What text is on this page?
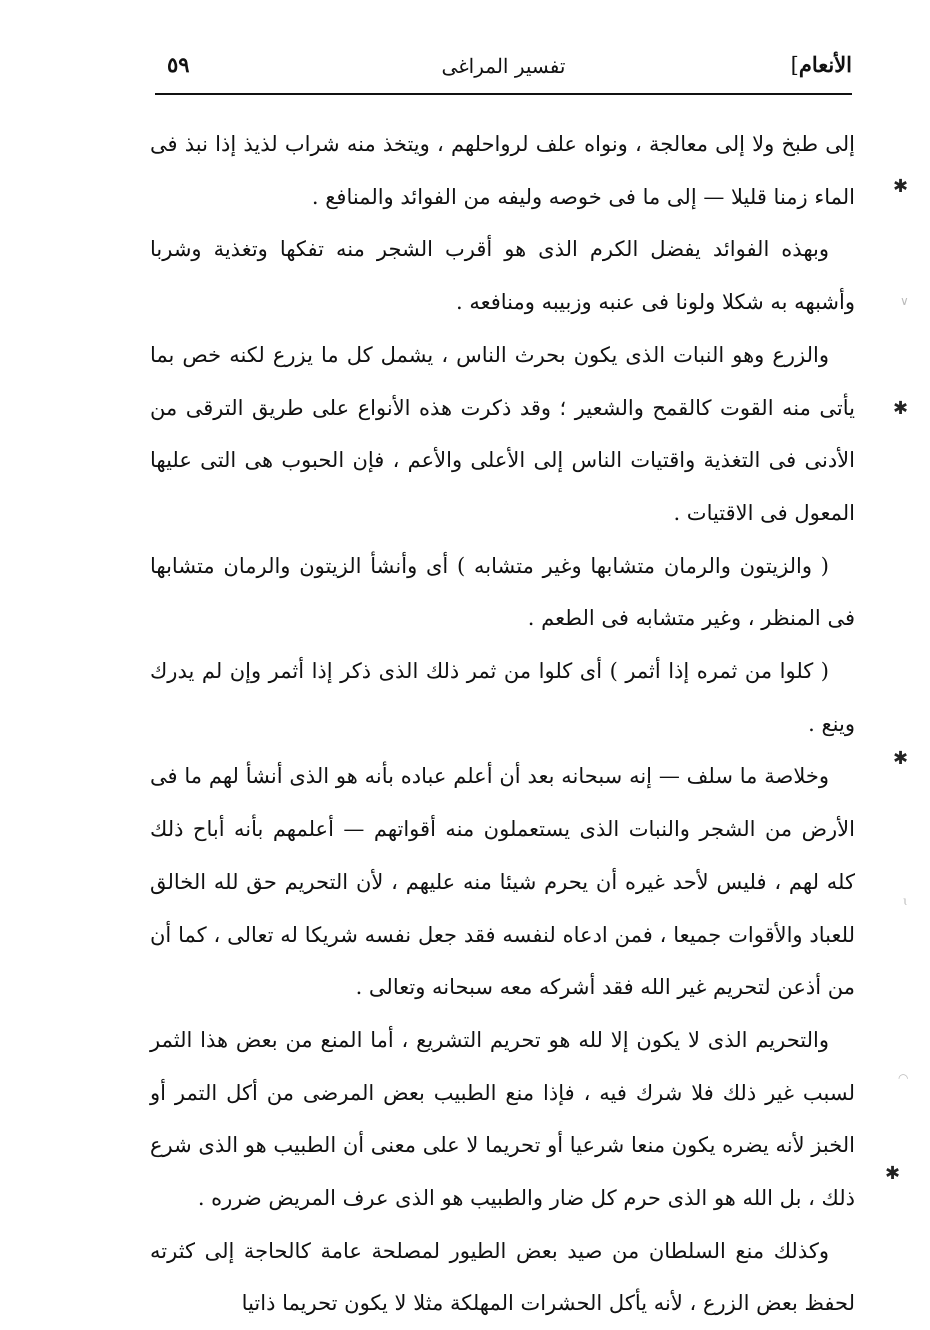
الأنعام]
تفسير المراغى
٥٩

إلى طبخ ولا إلى معالجة ، ونواه علف لرواحلهم ، ويتخذ منه شراب لذيذ إذا نبذ فى الماء زمنا قليلا — إلى ما فى خوصه وليفه من الفوائد والمنافع .

وبهذه الفوائد يفضل الكرم الذى هو أقرب الشجر منه تفكها وتغذية وشربا وأشبهه به شكلا ولونا فى عنبه وزبيبه ومنافعه .

والزرع وهو النبات الذى يكون بحرث الناس ، يشمل كل ما يزرع لكنه خص بما يأتى منه القوت كالقمح والشعير ؛ وقد ذكرت هذه الأنواع على طريق الترقى من الأدنى فى التغذية واقتيات الناس إلى الأعلى والأعم ، فإن الحبوب هى التى عليها المعول فى الاقتيات .

( والزيتون والرمان متشابها وغير متشابه ) أى وأنشأ الزيتون والرمان متشابها فى المنظر ، وغير متشابه فى الطعم .

( كلوا من ثمره إذا أثمر ) أى كلوا من ثمر ذلك الذى ذكر إذا أثمر وإن لم يدرك وينع .

وخلاصة ما سلف — إنه سبحانه بعد أن أعلم عباده بأنه هو الذى أنشأ لهم ما فى الأرض من الشجر والنبات الذى يستعملون منه أقواتهم — أعلمهم بأنه أباح ذلك كله لهم ، فليس لأحد غيره أن يحرم شيئا منه عليهم ، لأن التحريم حق لله الخالق للعباد والأقوات جميعا ، فمن ادعاه لنفسه فقد جعل نفسه شريكا له تعالى ، كما أن من أذعن لتحريم غير الله فقد أشركه معه سبحانه وتعالى .

والتحريم الذى لا يكون إلا لله هو تحريم التشريع ، أما المنع من بعض هذا الثمر لسبب غير ذلك فلا شرك فيه ، فإذا منع الطبيب بعض المرضى من أكل التمر أو الخبز لأنه يضره يكون منعا شرعيا أو تحريما لا على معنى أن الطبيب هو الذى شرع ذلك ، بل الله هو الذى حرم كل ضار والطبيب هو الذى عرف المريض ضرره .

وكذلك منع السلطان من صيد بعض الطيور لمصلحة عامة كالحاجة إلى كثرته لحفظ بعض الزرع ، لأنه يأكل الحشرات المهلكة مثلا لا يكون تحريما ذاتيا

✱
∨
✱
✱
ɩ
◠
✱
